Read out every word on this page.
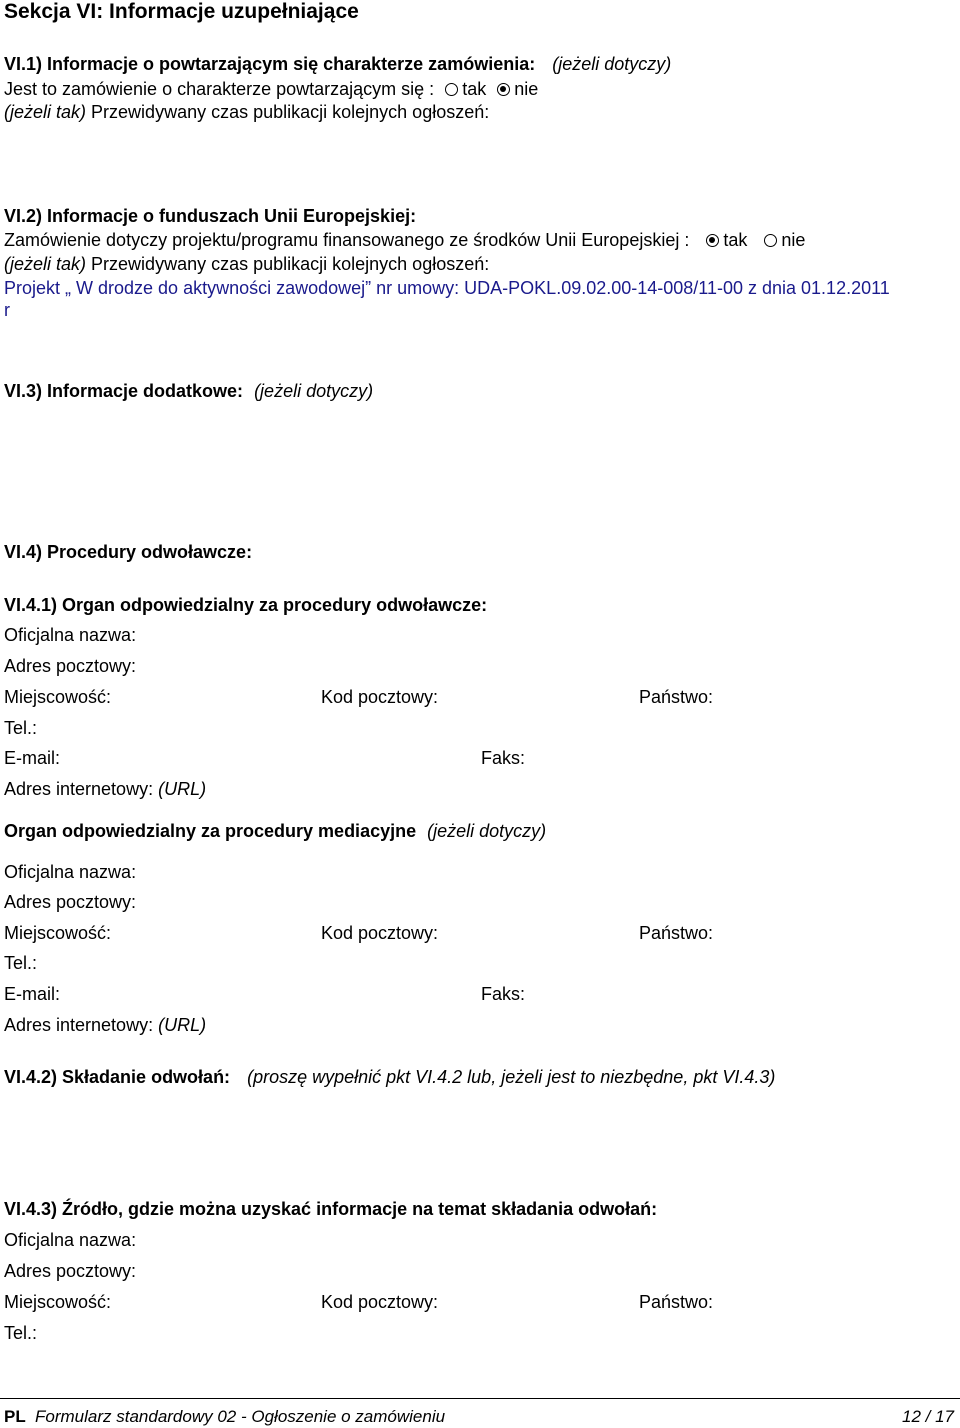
Sekcja VI: Informacje uzupełniające
VI.1) Informacje o powtarzającym się charakterze zamówienia: (jeżeli dotyczy)
Jest to zamówienie o charakterze powtarzającym się : tak nie
(jeżeli tak) Przewidywany czas publikacji kolejnych ogłoszeń:
VI.2) Informacje o funduszach Unii Europejskiej:
Zamówienie dotyczy projektu/programu finansowanego ze środków Unii Europejskiej : tak nie
(jeżeli tak) Przewidywany czas publikacji kolejnych ogłoszeń:
Projekt „ W drodze do aktywności zawodowej” nr umowy: UDA-POKL.09.02.00-14-008/11-00 z dnia 01.12.2011
r
VI.3) Informacje dodatkowe: (jeżeli dotyczy)
VI.4) Procedury odwoławcze:
VI.4.1) Organ odpowiedzialny za procedury odwoławcze:
Oficjalna nazwa:
Adres pocztowy:
Miejscowość:	Kod pocztowy:	Państwo:
Tel.:
E-mail:	Faks:
Adres internetowy: (URL)
Organ odpowiedzialny za procedury mediacyjne (jeżeli dotyczy)
Oficjalna nazwa:
Adres pocztowy:
Miejscowość:	Kod pocztowy:	Państwo:
Tel.:
E-mail:	Faks:
Adres internetowy: (URL)
VI.4.2) Składanie odwołań: (proszę wypełnić pkt VI.4.2 lub, jeżeli jest to niezbędne, pkt VI.4.3)
VI.4.3) Źródło, gdzie można uzyskać informacje na temat składania odwołań:
Oficjalna nazwa:
Adres pocztowy:
Miejscowość:	Kod pocztowy:	Państwo:
Tel.:
PL Formularz standardowy 02 - Ogłoszenie o zamówieniu	12 / 17
